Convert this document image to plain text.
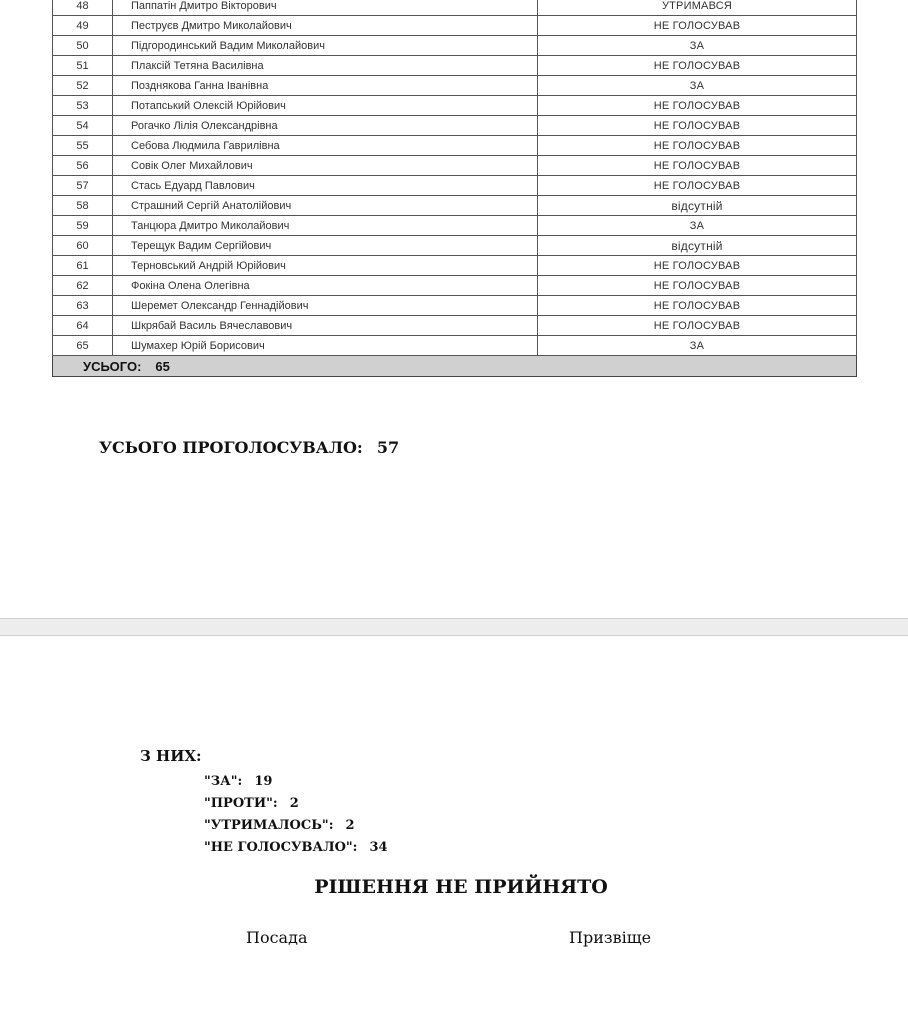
48	Паппатін Дмитро Вікторович	УТРИМАВСЯ
49	Пеструєв Дмитро Миколайович	НЕ ГОЛОСУВАВ
50	Підгородинський Вадим Миколайович	ЗА
51	Плаксій Тетяна Василівна	НЕ ГОЛОСУВАВ
52	Позднякова Ганна Іванівна	ЗА
53	Потапський Олексій Юрійович	НЕ ГОЛОСУВАВ
54	Рогачко Лілія Олександрівна	НЕ ГОЛОСУВАВ
55	Себова Людмила Гаврилівна	НЕ ГОЛОСУВАВ
56	Совік Олег Михайлович	НЕ ГОЛОСУВАВ
57	Стась Едуард Павлович	НЕ ГОЛОСУВАВ
58	Страшний Сергій Анатолійович	відсутній
59	Танцюра Дмитро Миколайович	ЗА
60	Терещук Вадим Сергійович	відсутній
61	Терновський Андрій Юрійович	НЕ ГОЛОСУВАВ
62	Фокіна Олена Олегівна	НЕ ГОЛОСУВАВ
63	Шеремет Олександр Геннадійович	НЕ ГОЛОСУВАВ
64	Шкрябай Василь Вячеславович	НЕ ГОЛОСУВАВ
65	Шумахер Юрій Борисович	ЗА
УСЬОГО: 65		
УСЬОГО ПРОГОЛОСУВАЛО: 57
З НИХ:
"ЗА": 19
"ПРОТИ": 2
"УТРИМАЛОСЬ": 2
"НЕ ГОЛОСУВАЛО": 34
РІШЕННЯ НЕ ПРИЙНЯТО
Посада	Призвіще
